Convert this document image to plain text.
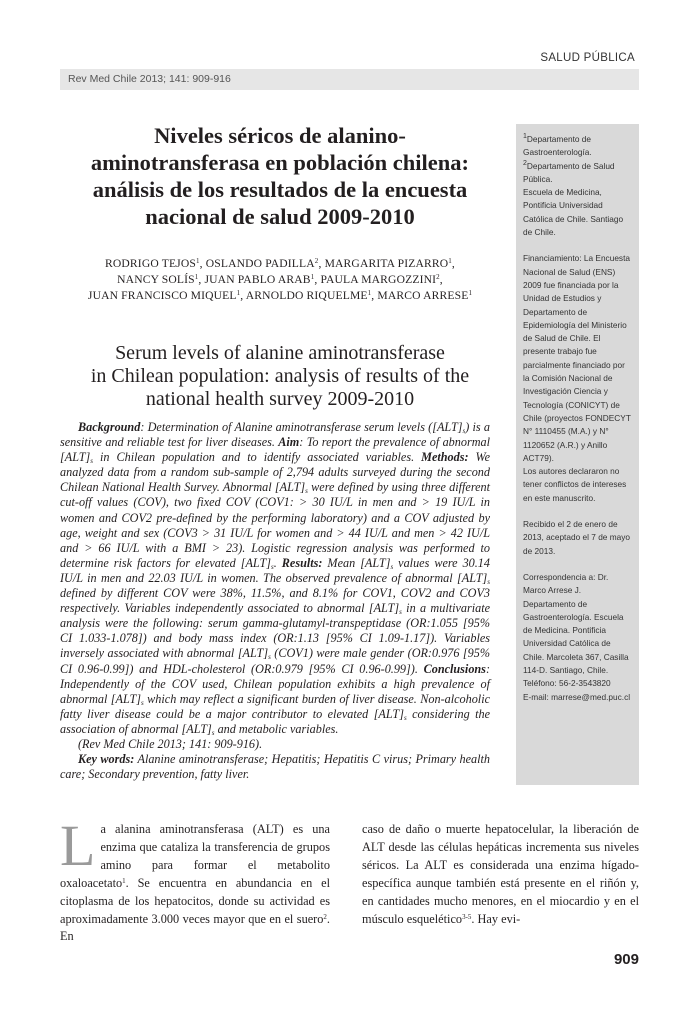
SALUD PÚBLICA
Rev Med Chile 2013; 141: 909-916
Niveles séricos de alanino-
aminotransferasa en población chilena:
análisis de los resultados de la encuesta
nacional de salud 2009-2010
RODRIGO TEJOS$^1$, OSLANDO PADILLA$^2$, MARGARITA PIZARRO$^1$,
NANCY SOLÍS$^1$, JUAN PABLO ARAB$^1$, PAULA MARGOZZINI$^2$,
JUAN FRANCISCO MIQUEL$^1$, ARNOLDO RIQUELME$^1$, MARCO ARRESE$^1$
Serum levels of alanine aminotransferase
in Chilean population: analysis of results of the
national health survey 2009-2010

Background: Determination of Alanine aminotransferase serum levels $([ALT]_s)$ is a sensitive and reliable test for liver diseases. Aim: To report the prevalence of abnormal $[ALT]_s$ in Chilean population and to identify associated variables. Methods: We analyzed data from a random sub-sample of 2,794 adults surveyed during the second Chilean National Health Survey. Abnormal $[ALT]_s$ were defined by using three different cut-off values (COV), two fixed COV (COV1: > 30 IU/L in men and > 19 IU/L in women and COV2 pre-defined by the performing laboratory) and a COV adjusted by age, weight and sex (COV3 > 31 IU/L for women and > 44 IU/L and men > 42 IU/L and > 66 IU/L with a BMI > 23). Logistic regression analysis was performed to determine risk factors for elevated $[ALT]_s$. Results: Mean $[ALT]_s$ values were 30.14 IU/L in men and 22.03 IU/L in women. The observed prevalence of abnormal $[ALT]_s$ defined by different COV were 38%, 11.5%, and 8.1% for COV1, COV2 and COV3 respectively. Variables independently associated to abnormal $[ALT]_s$ in a multivariate analysis were the following: serum gamma-glutamyl-transpeptidase (OR:1.055 [95% CI 1.033-1.078]) and body mass index (OR:1.13 [95% CI 1.09-1.17]). Variables inversely associated with abnormal $[ALT]_s$ (COV1) were male gender (OR:0.976 [95% CI 0.96-0.99]) and HDL-cholesterol (OR:0.979 [95% CI 0.96-0.99]). Conclusions: Independently of the COV used, Chilean population exhibits a high prevalence of abnormal $[ALT]_s$ which may reflect a significant burden of liver disease. Non-alcoholic fatty liver disease could be a major contributor to elevated $[ALT]_s$ considering the association of abnormal $[ALT]_s$ and metabolic variables.

(Rev Med Chile 2013; 141: 909-916).

Key words: Alanine aminotransferase; Hepatitis; Hepatitis C virus; Primary health care; Secondary prevention, fatty liver.

$^1$Departamento de Gastroenterología.

$^2$Departamento de Salud Pública.

Escuela de Medicina, Pontificia Universidad Católica de Chile. Santiago de Chile.

Financiamiento: La Encuesta Nacional de Salud (ENS) 2009 fue financiada por la Unidad de Estudios y Departamento de Epidemiología del Ministerio de Salud de Chile. El presente trabajo fue parcialmente financiado por la Comisión Nacional de Investigación Ciencia y Tecnología (CONICYT) de Chile (proyectos FONDECYT N° 1110455 (M.A.) y N° 1120652 (A.R.) y Anillo ACT79).

Los autores declararon no tener conflictos de intereses en este manuscrito.

Recibido el 2 de enero de 2013, aceptado el 7 de mayo de 2013.

Correspondencia a: Dr. Marco Arrese J. Departamento de Gastroenterología. Escuela de Medicina. Pontificia Universidad Católica de Chile. Marcoleta 367, Casilla 114-D. Santiago, Chile.

Teléfono: 56-2-3543820

E-mail: marrese@med.puc.cl

La alanina aminotransferasa (ALT) es una enzima que cataliza la transferencia de grupos amino para formar el metabolito oxaloacetato$^1$. Se encuentra en abundancia en el citoplasma de los hepatocitos, donde su actividad es aproximadamente 3.000 veces mayor que en el suero$^2$. En
caso de daño o muerte hepatocelular, la liberación de ALT desde las células hepáticas incrementa sus niveles séricos. La ALT es considerada una enzima hígado-específica aunque también está presente en el riñón y, en cantidades mucho menores, en el miocardio y en el músculo esquelético$^{3-5}$. Hay evi-
909
